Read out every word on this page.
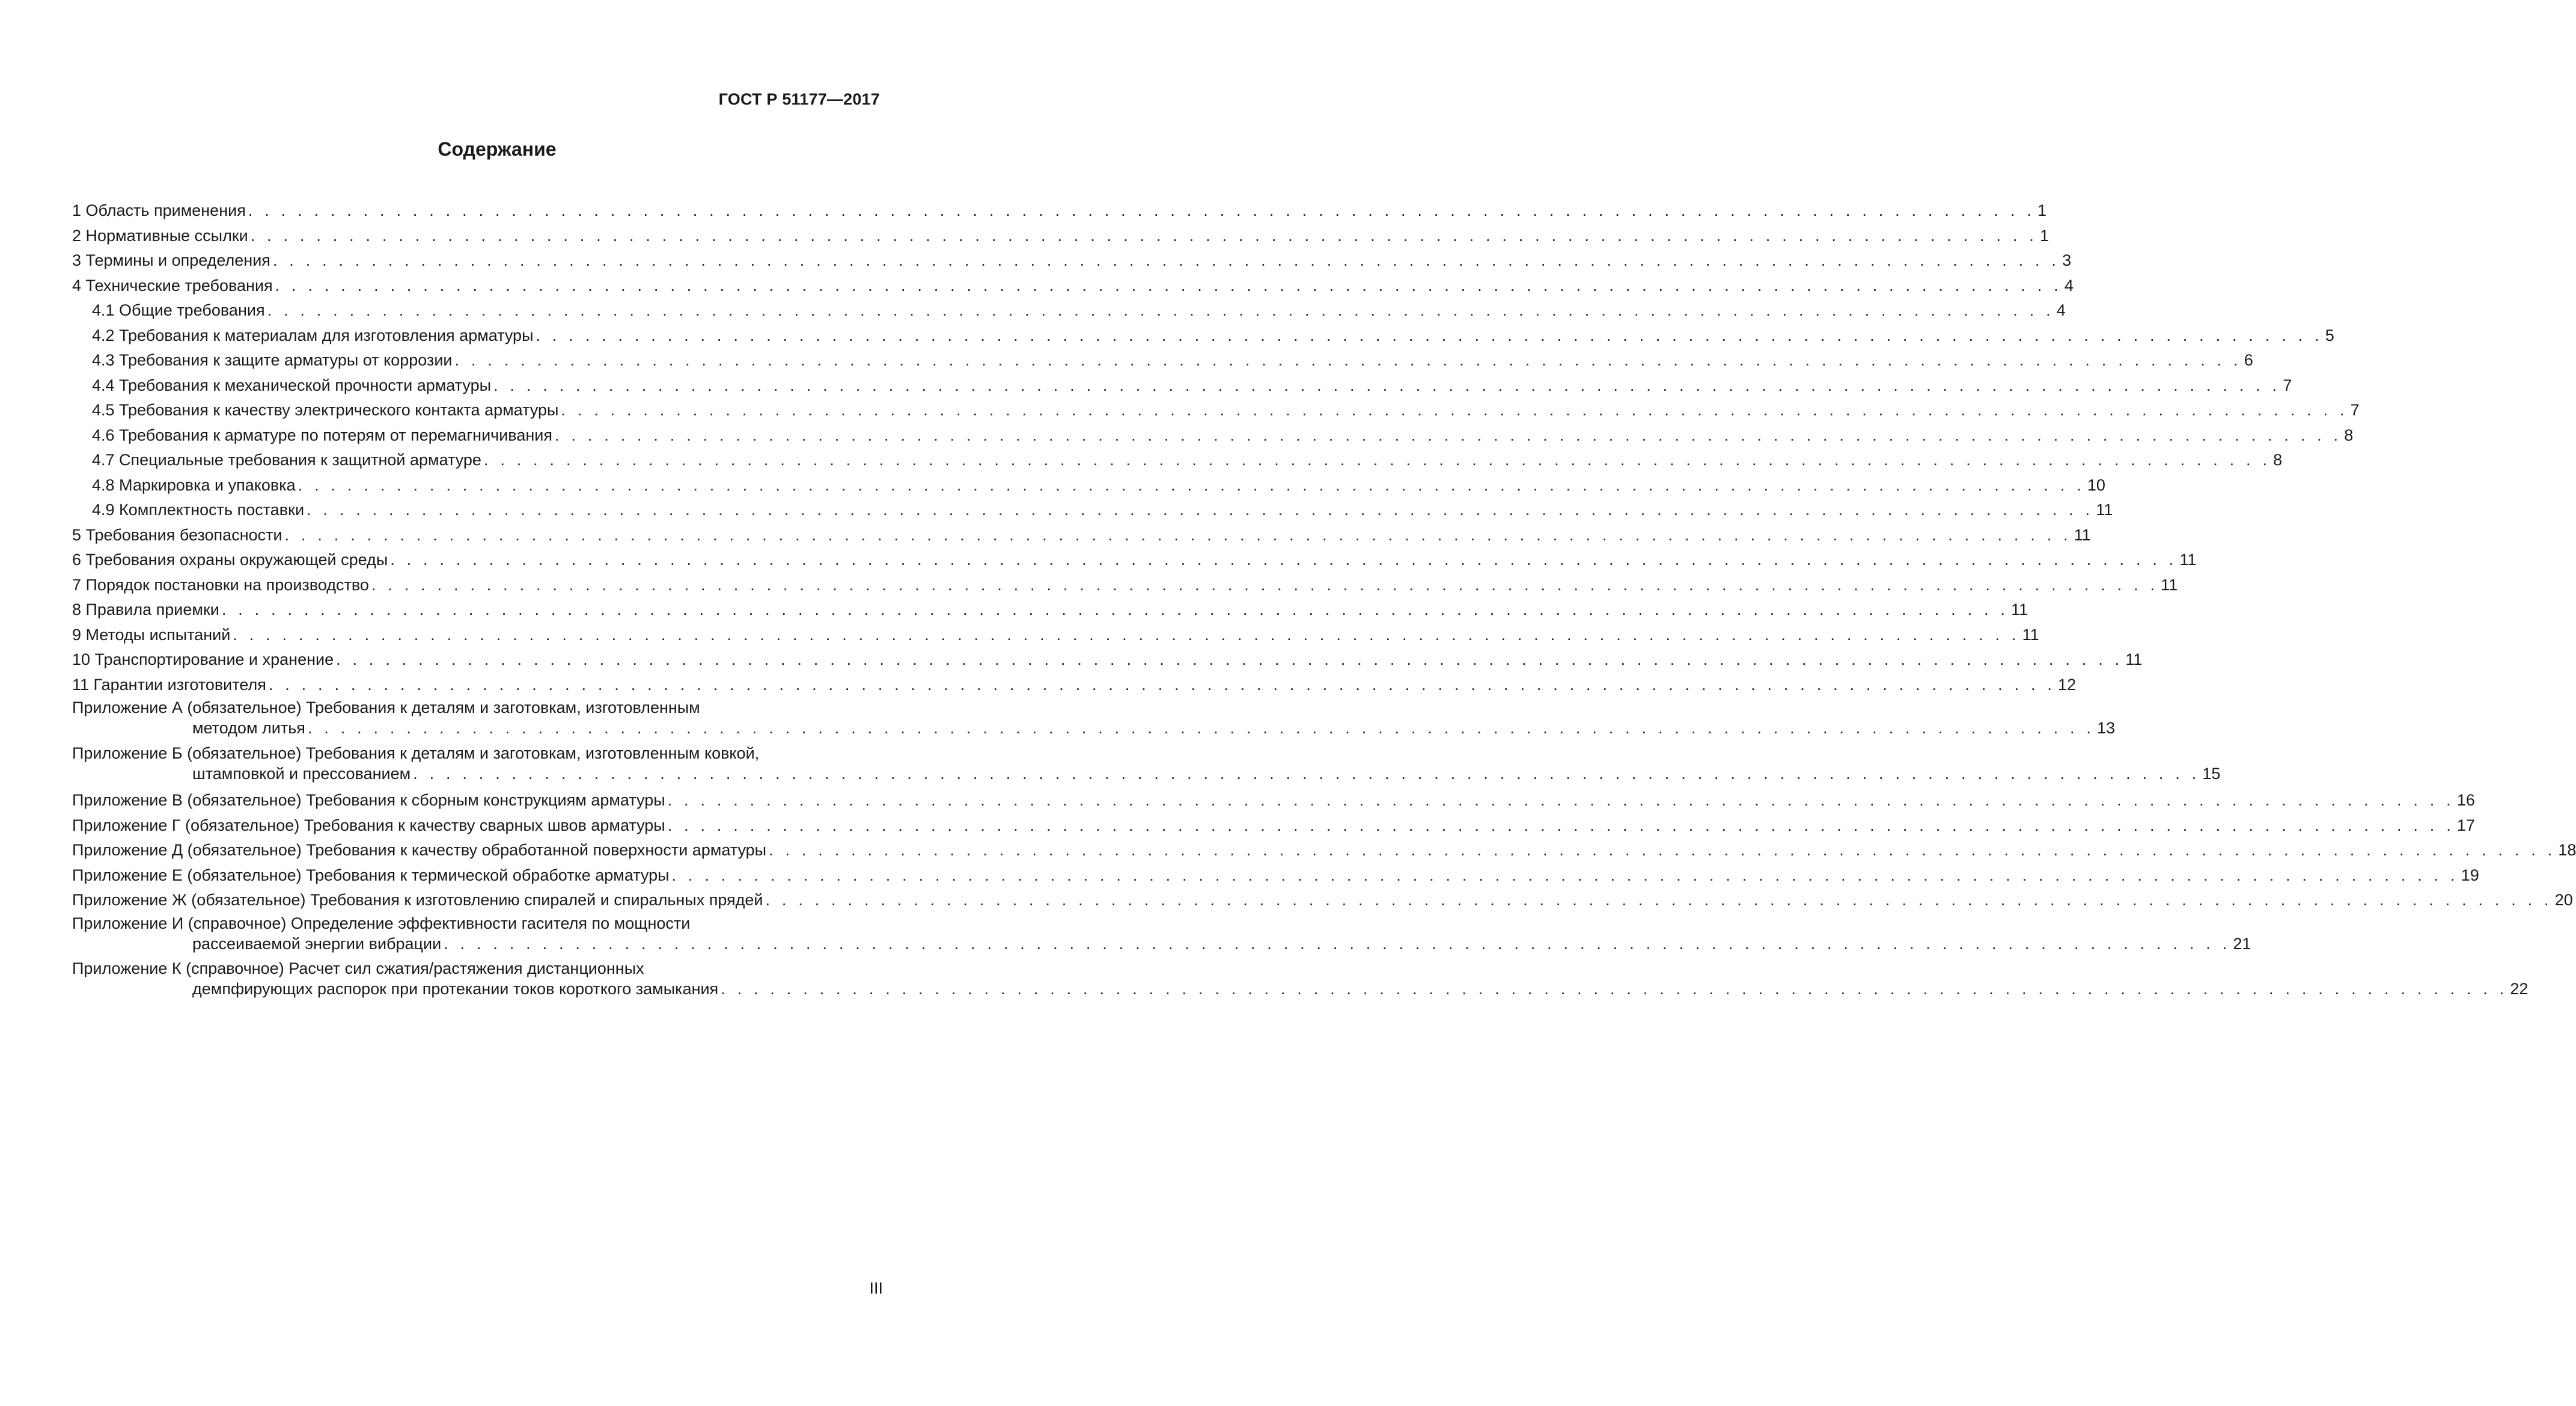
ГОСТ Р 51177—2017
Содержание
1 Область применения . . . . . . . . . . . . . . . . . . . . . . . . . . . . . . . . . . . . . . . . . . . . . . . . . . . . . . . . . . . . . . . . . . . . . . . . . . . . . . . . . . . . . . . . . . . . . . . . . . . . . . . . . . . . . 1
2 Нормативные ссылки . . . . . . . . . . . . . . . . . . . . . . . . . . . . . . . . . . . . . . . . . . . . . . . . . . . . . . . . . . . . . . . . . . . . . . . . . . . . . . . . . . . . . . . . . . . . . . . . . . . . . . . . . . . . . 1
3 Термины и определения . . . . . . . . . . . . . . . . . . . . . . . . . . . . . . . . . . . . . . . . . . . . . . . . . . . . . . . . . . . . . . . . . . . . . . . . . . . . . . . . . . . . . . . . . . . . . . . . . . . . . . . . . . . . . 3
4 Технические требования . . . . . . . . . . . . . . . . . . . . . . . . . . . . . . . . . . . . . . . . . . . . . . . . . . . . . . . . . . . . . . . . . . . . . . . . . . . . . . . . . . . . . . . . . . . . . . . . . . . . . . . . . . . . . 4
4.1 Общие требования . . . . . . . . . . . . . . . . . . . . . . . . . . . . . . . . . . . . . . . . . . . . . . . . . . . . . . . . . . . . . . . . . . . . . . . . . . . . . . . . . . . . . . . . . . . . . . . . . . . . . . . . . . . . . 4
4.2 Требования к материалам для изготовления арматуры . . . . . . . . . . . . . . . . . . . . . . . . . . . . . . . . . . . . . . . . . . . . . . . . . . . . . . . . . . . . . . . . . . . . . . . . . . . . . . . . . . . . . . . . . . . . . . . . . . . . . . . . . . . . . 5
4.3 Требования к защите арматуры от коррозии . . . . . . . . . . . . . . . . . . . . . . . . . . . . . . . . . . . . . . . . . . . . . . . . . . . . . . . . . . . . . . . . . . . . . . . . . . . . . . . . . . . . . . . . . . . . . . . . . . . . . . . . . . . . . 6
4.4 Требования к механической прочности арматуры . . . . . . . . . . . . . . . . . . . . . . . . . . . . . . . . . . . . . . . . . . . . . . . . . . . . . . . . . . . . . . . . . . . . . . . . . . . . . . . . . . . . . . . . . . . . . . . . . . . . . . . . . . . . . 7
4.5 Требования к качеству электрического контакта арматуры . . . . . . . . . . . . . . . . . . . . . . . . . . . . . . . . . . . . . . . . . . . . . . . . . . . . . . . . . . . . . . . . . . . . . . . . . . . . . . . . . . . . . . . . . . . . . . . . . . . . . . . . . . . . . 7
4.6 Требования к арматуре по потерям от перемагничивания . . . . . . . . . . . . . . . . . . . . . . . . . . . . . . . . . . . . . . . . . . . . . . . . . . . . . . . . . . . . . . . . . . . . . . . . . . . . . . . . . . . . . . . . . . . . . . . . . . . . . . . . . . . . . 8
4.7 Специальные требования к защитной арматуре . . . . . . . . . . . . . . . . . . . . . . . . . . . . . . . . . . . . . . . . . . . . . . . . . . . . . . . . . . . . . . . . . . . . . . . . . . . . . . . . . . . . . . . . . . . . . . . . . . . . . . . . . . . . . 8
4.8 Маркировка и упаковка . . . . . . . . . . . . . . . . . . . . . . . . . . . . . . . . . . . . . . . . . . . . . . . . . . . . . . . . . . . . . . . . . . . . . . . . . . . . . . . . . . . . . . . . . . . . . . . . . . . . . . . . . . . . . 10
4.9 Комплектность поставки . . . . . . . . . . . . . . . . . . . . . . . . . . . . . . . . . . . . . . . . . . . . . . . . . . . . . . . . . . . . . . . . . . . . . . . . . . . . . . . . . . . . . . . . . . . . . . . . . . . . . . . . . . . . . 11
5 Требования безопасности . . . . . . . . . . . . . . . . . . . . . . . . . . . . . . . . . . . . . . . . . . . . . . . . . . . . . . . . . . . . . . . . . . . . . . . . . . . . . . . . . . . . . . . . . . . . . . . . . . . . . . . . . . . . . 11
6 Требования охраны окружающей среды . . . . . . . . . . . . . . . . . . . . . . . . . . . . . . . . . . . . . . . . . . . . . . . . . . . . . . . . . . . . . . . . . . . . . . . . . . . . . . . . . . . . . . . . . . . . . . . . . . . . . . . . . . . . . 11
7 Порядок постановки на производство . . . . . . . . . . . . . . . . . . . . . . . . . . . . . . . . . . . . . . . . . . . . . . . . . . . . . . . . . . . . . . . . . . . . . . . . . . . . . . . . . . . . . . . . . . . . . . . . . . . . . . . . . . . . . 11
8 Правила приемки . . . . . . . . . . . . . . . . . . . . . . . . . . . . . . . . . . . . . . . . . . . . . . . . . . . . . . . . . . . . . . . . . . . . . . . . . . . . . . . . . . . . . . . . . . . . . . . . . . . . . . . . . . . . . 11
9 Методы испытаний . . . . . . . . . . . . . . . . . . . . . . . . . . . . . . . . . . . . . . . . . . . . . . . . . . . . . . . . . . . . . . . . . . . . . . . . . . . . . . . . . . . . . . . . . . . . . . . . . . . . . . . . . . . . . 11
10 Транспортирование и хранение . . . . . . . . . . . . . . . . . . . . . . . . . . . . . . . . . . . . . . . . . . . . . . . . . . . . . . . . . . . . . . . . . . . . . . . . . . . . . . . . . . . . . . . . . . . . . . . . . . . . . . . . . . . . . 11
11 Гарантии изготовителя . . . . . . . . . . . . . . . . . . . . . . . . . . . . . . . . . . . . . . . . . . . . . . . . . . . . . . . . . . . . . . . . . . . . . . . . . . . . . . . . . . . . . . . . . . . . . . . . . . . . . . . . . . . . . 12
Приложение А (обязательное) Требования к деталям и заготовкам, изготовленным
методом литья . . . . . . . . . . . . . . . . . . . . . . . . . . . . . . . . . . . . . . . . . . . . . . . . . . . . . . . . . . . . . . . . . . . . . . . . . . . . . . . . . . . . . . . . . . . . . . . . . . . . . . . . . . . . . 13
Приложение Б (обязательное) Требования к деталям и заготовкам, изготовленным ковкой,
штамповкой и прессованием . . . . . . . . . . . . . . . . . . . . . . . . . . . . . . . . . . . . . . . . . . . . . . . . . . . . . . . . . . . . . . . . . . . . . . . . . . . . . . . . . . . . . . . . . . . . . . . . . . . . . . . . . . . . . 15
Приложение В (обязательное) Требования к сборным конструкциям арматуры . . . . . . . . . . . . . . . . . . . . . . . . . . . . . . . . . . . . . . . . . . . . . . . . . . . . . . . . . . . . . . . . . . . . . . . . . . . . . . . . . . . . . . . . . . . . . . . . . . . . . . . . . . . . . 16
Приложение Г (обязательное) Требования к качеству сварных швов арматуры . . . . . . . . . . . . . . . . . . . . . . . . . . . . . . . . . . . . . . . . . . . . . . . . . . . . . . . . . . . . . . . . . . . . . . . . . . . . . . . . . . . . . . . . . . . . . . . . . . . . . . . . . . . . . 17
Приложение Д (обязательное) Требования к качеству обработанной поверхности арматуры . . . . . . . . . . . . . . . . . . . . . . . . . . . . . . . . . . . . . . . . . . . . . . . . . . . . . . . . . . . . . . . . . . . . . . . . . . . . . . . . . . . . . . . . . . . . . . . . . . . . . . . . . . . . . 18
Приложение Е (обязательное) Требования к термической обработке арматуры . . . . . . . . . . . . . . . . . . . . . . . . . . . . . . . . . . . . . . . . . . . . . . . . . . . . . . . . . . . . . . . . . . . . . . . . . . . . . . . . . . . . . . . . . . . . . . . . . . . . . . . . . . . . . 19
Приложение Ж (обязательное) Требования к изготовлению спиралей и спиральных прядей . . . . . . . . . . . . . . . . . . . . . . . . . . . . . . . . . . . . . . . . . . . . . . . . . . . . . . . . . . . . . . . . . . . . . . . . . . . . . . . . . . . . . . . . . . . . . . . . . . . . . . . . . . . . . 20
Приложение И (справочное) Определение эффективности гасителя по мощности
рассеиваемой энергии вибрации . . . . . . . . . . . . . . . . . . . . . . . . . . . . . . . . . . . . . . . . . . . . . . . . . . . . . . . . . . . . . . . . . . . . . . . . . . . . . . . . . . . . . . . . . . . . . . . . . . . . . . . . . . . . . 21
Приложение К (справочное) Расчет сил сжатия/растяжения дистанционных
демпфирующих распорок при протекании токов короткого замыкания . . . . . . . . . . . . . . . . . . . . . . . . . . . . . . . . . . . . . . . . . . . . . . . . . . . . . . . . . . . . . . . . . . . . . . . . . . . . . . . . . . . . . . . . . . . . . . . . . . . . . . . . . . . . . 22
III
